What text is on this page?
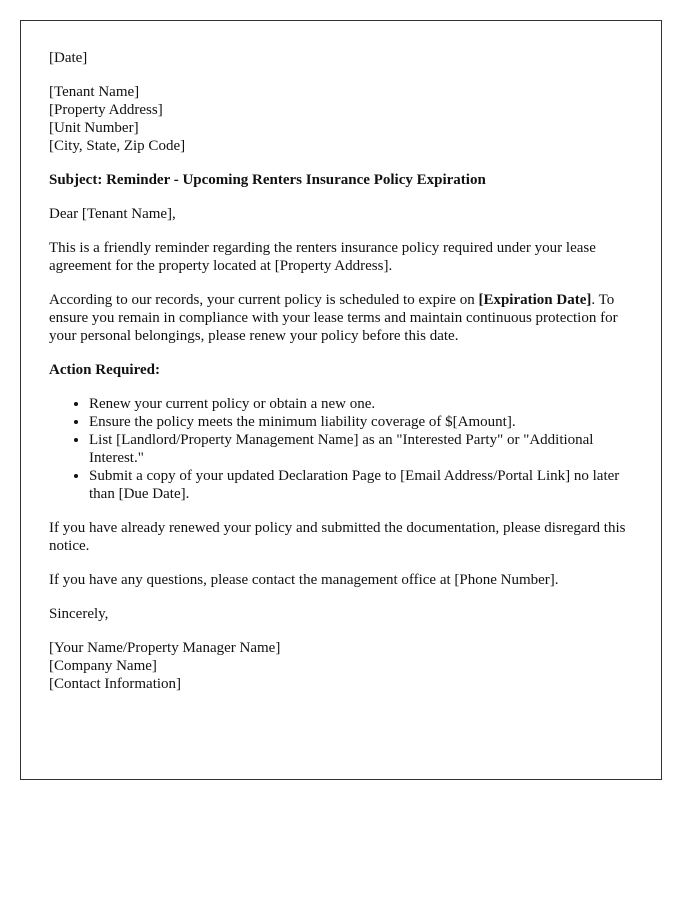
[Date]

[Tenant Name]
[Property Address]
[Unit Number]
[City, State, Zip Code]

Subject: Reminder - Upcoming Renters Insurance Policy Expiration

Dear [Tenant Name],

This is a friendly reminder regarding the renters insurance policy required under your lease agreement for the property located at [Property Address].

According to our records, your current policy is scheduled to expire on [Expiration Date]. To ensure you remain in compliance with your lease terms and maintain continuous protection for your personal belongings, please renew your policy before this date.

Action Required:

• Renew your current policy or obtain a new one.
• Ensure the policy meets the minimum liability coverage of $[Amount].
• List [Landlord/Property Management Name] as an "Interested Party" or "Additional Interest."
• Submit a copy of your updated Declaration Page to [Email Address/Portal Link] no later than [Due Date].

If you have already renewed your policy and submitted the documentation, please disregard this notice.

If you have any questions, please contact the management office at [Phone Number].

Sincerely,

[Your Name/Property Manager Name]
[Company Name]
[Contact Information]
